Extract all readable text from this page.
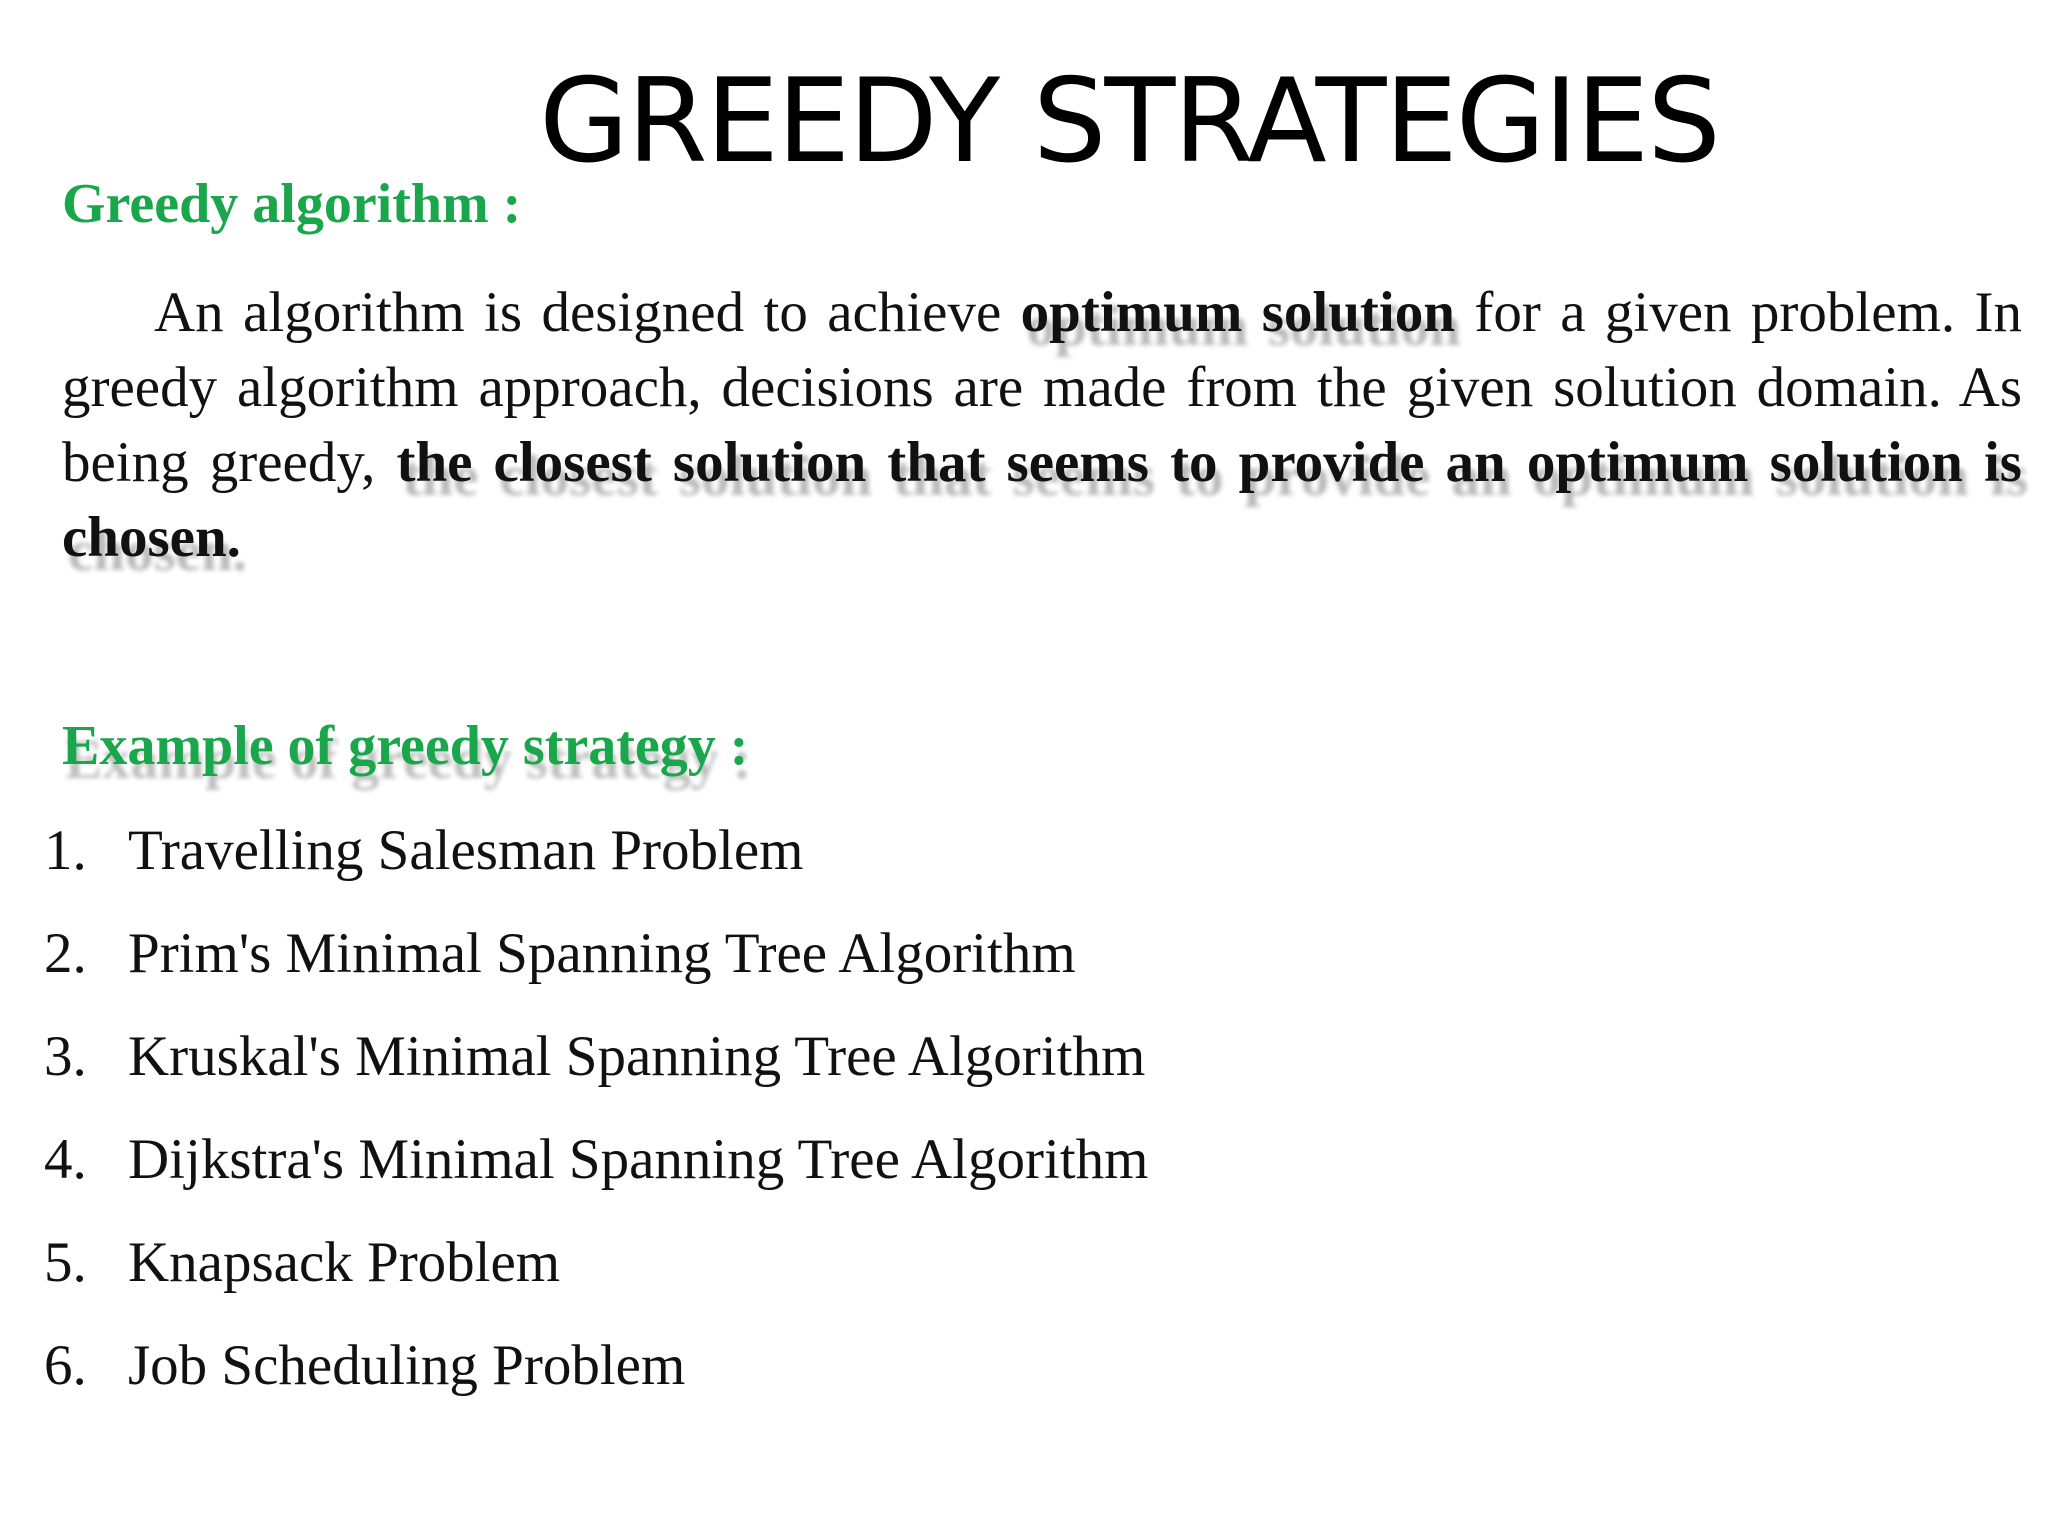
GREEDY STRATEGIES
Greedy algorithm :
An algorithm is designed to achieve optimum solution for a given problem. In greedy algorithm approach, decisions are made from the given solution domain. As being greedy, the closest solution that seems to provide an optimum solution is chosen.
Example of greedy strategy :
1. Travelling Salesman Problem
2. Prim's Minimal Spanning Tree Algorithm
3. Kruskal's Minimal Spanning Tree Algorithm
4. Dijkstra's Minimal Spanning Tree Algorithm
5. Knapsack Problem
6. Job Scheduling Problem
